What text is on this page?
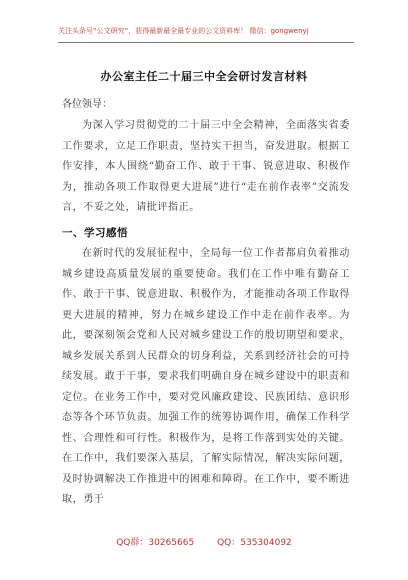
关注头条号“公文研究”，获得最新最全最专业的公文资料库！ 微信：gongwenyj
办公室主任二十届三中全会研讨发言材料
各位领导：
为深入学习贯彻党的二十届三中全会精神，全面落实省委工作要求，立足工作职责，坚持实干担当，奋发进取。根据工作安排，本人围绕“勤奋工作、敢于干事、锐意进取、积极作为，推动各项工作取得更大进展”进行“走在前作表率”交流发言，不妥之处，请批评指正。
一、学习感悟
在新时代的发展征程中，全局每一位工作者都肩负着推动城乡建设高质量发展的重要使命。我们在工作中唯有勤奋工作、敢于干事、锐意进取、积极作为，才能推动各项工作取得更大进展的精神，努力在城乡建设工作中走在前作表率。为此，要深刻领会党和人民对城乡建设工作的殷切期望和要求，城乡发展关系到人民群众的切身利益，关系到经济社会的可持续发展。敢于干事，要求我们明确自身在城乡建设中的职责和定位。在业务工作中，要对党风廉政建设、民族团结、意识形态等各个环节负责。加强工作的统筹协调作用，确保工作科学性、合理性和可行性。积极作为，是将工作落到实处的关键。在工作中，我们要深入基层，了解实际情况，解决实际问题，及时协调解决工作推进中的困难和障碍。在工作中，要不断进取，勇于
QQ群：30265665	QQ：535304092
